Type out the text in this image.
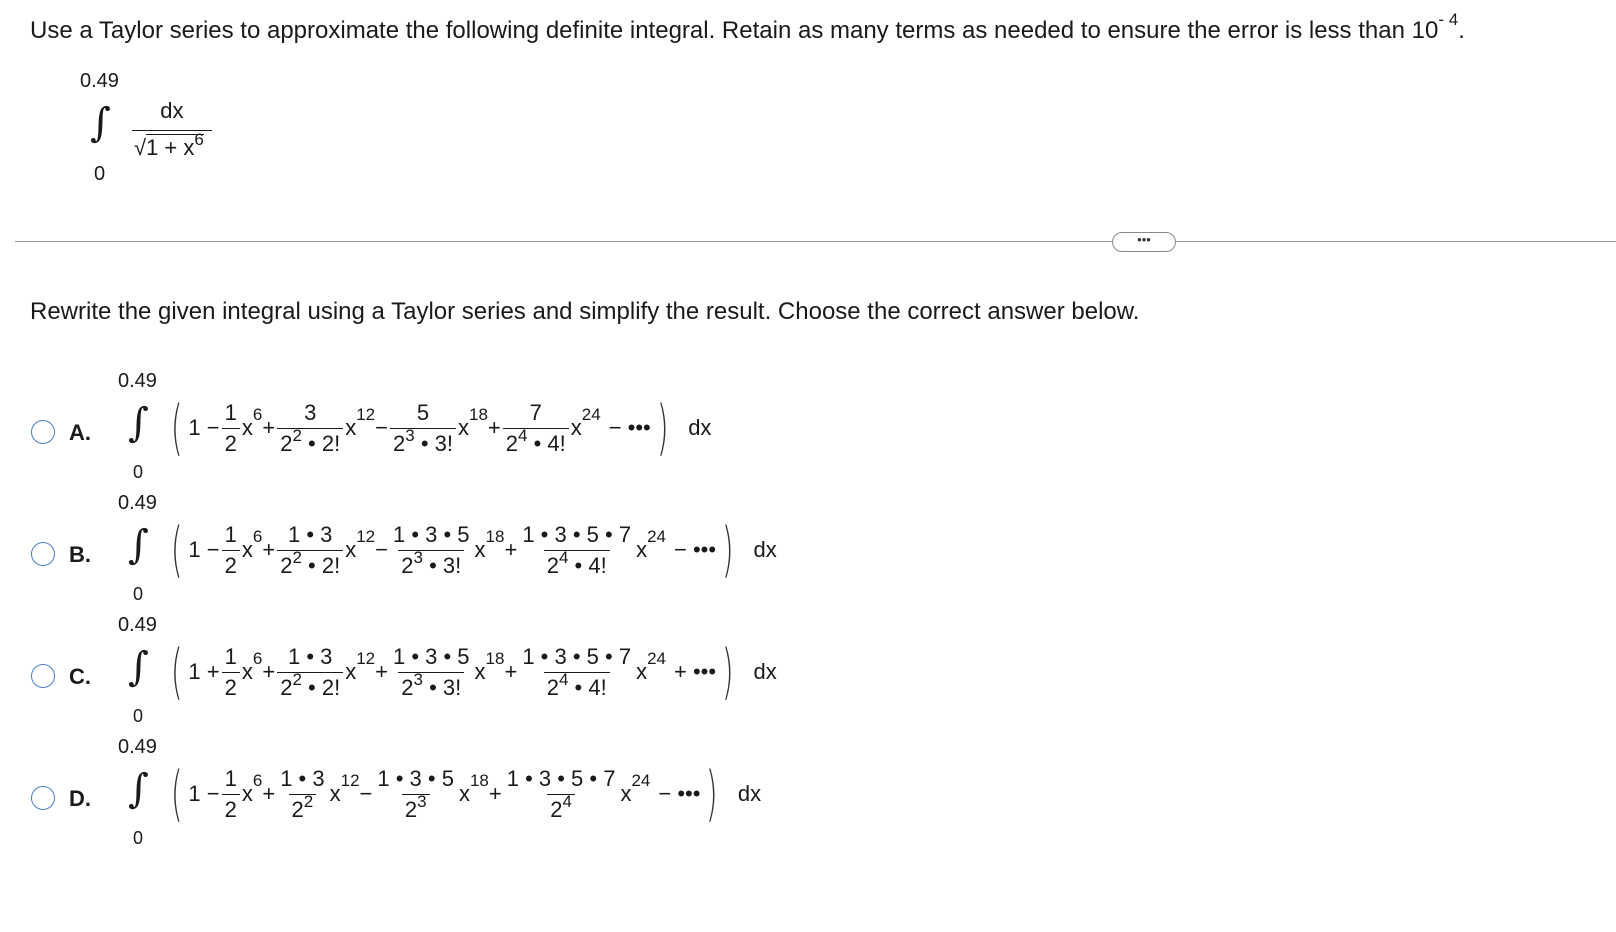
Use a Taylor series to approximate the following definite integral. Retain as many terms as needed to ensure the error is less than $10^{- 4}$.
0.49
∫
0
$\frac{dx}{√1 + x^6}$
•••
Rewrite the given integral using a Taylor series and simplify the result. Choose the correct answer below.
A.
0.49
∫
0
( $1 - \frac{1}{2}$ x
6
+ $\frac{3}{2^2 • 2!}$ x
12
− $\frac{5}{2^3 • 3!}$ x
18
+ $\frac{7}{2^4 • 4!}$ x
24
− ••• ) dx
B.
0.49
∫
0
( $1 - \frac{1}{2}$ x
6
+ $\frac{1 • 3}{2^2 • 2!}$ x
12
− $\frac{1 • 3 • 5}{2^3 • 3!}$ x
18
+ $\frac{1 • 3 • 5 • 7}{2^4 • 4!}$ x
24
− ••• ) dx
C.
0.49
∫
0
( $1 + \frac{1}{2}$ x
6
+ $\frac{1 • 3}{2^2 • 2!}$ x
12
+ $\frac{1 • 3 • 5}{2^3 • 3!}$ x
18
+ $\frac{1 • 3 • 5 • 7}{2^4 • 4!}$ x
24
+ ••• ) dx
D.
0.49
∫
0
( $1 - \frac{1}{2}$ x
6
+ $\frac{1 • 3}{2^2}$ x
12
− $\frac{1 • 3 • 5}{2^3}$ x
18
+ $\frac{1 • 3 • 5 • 7}{2^4}$ x
24
− ••• ) dx
